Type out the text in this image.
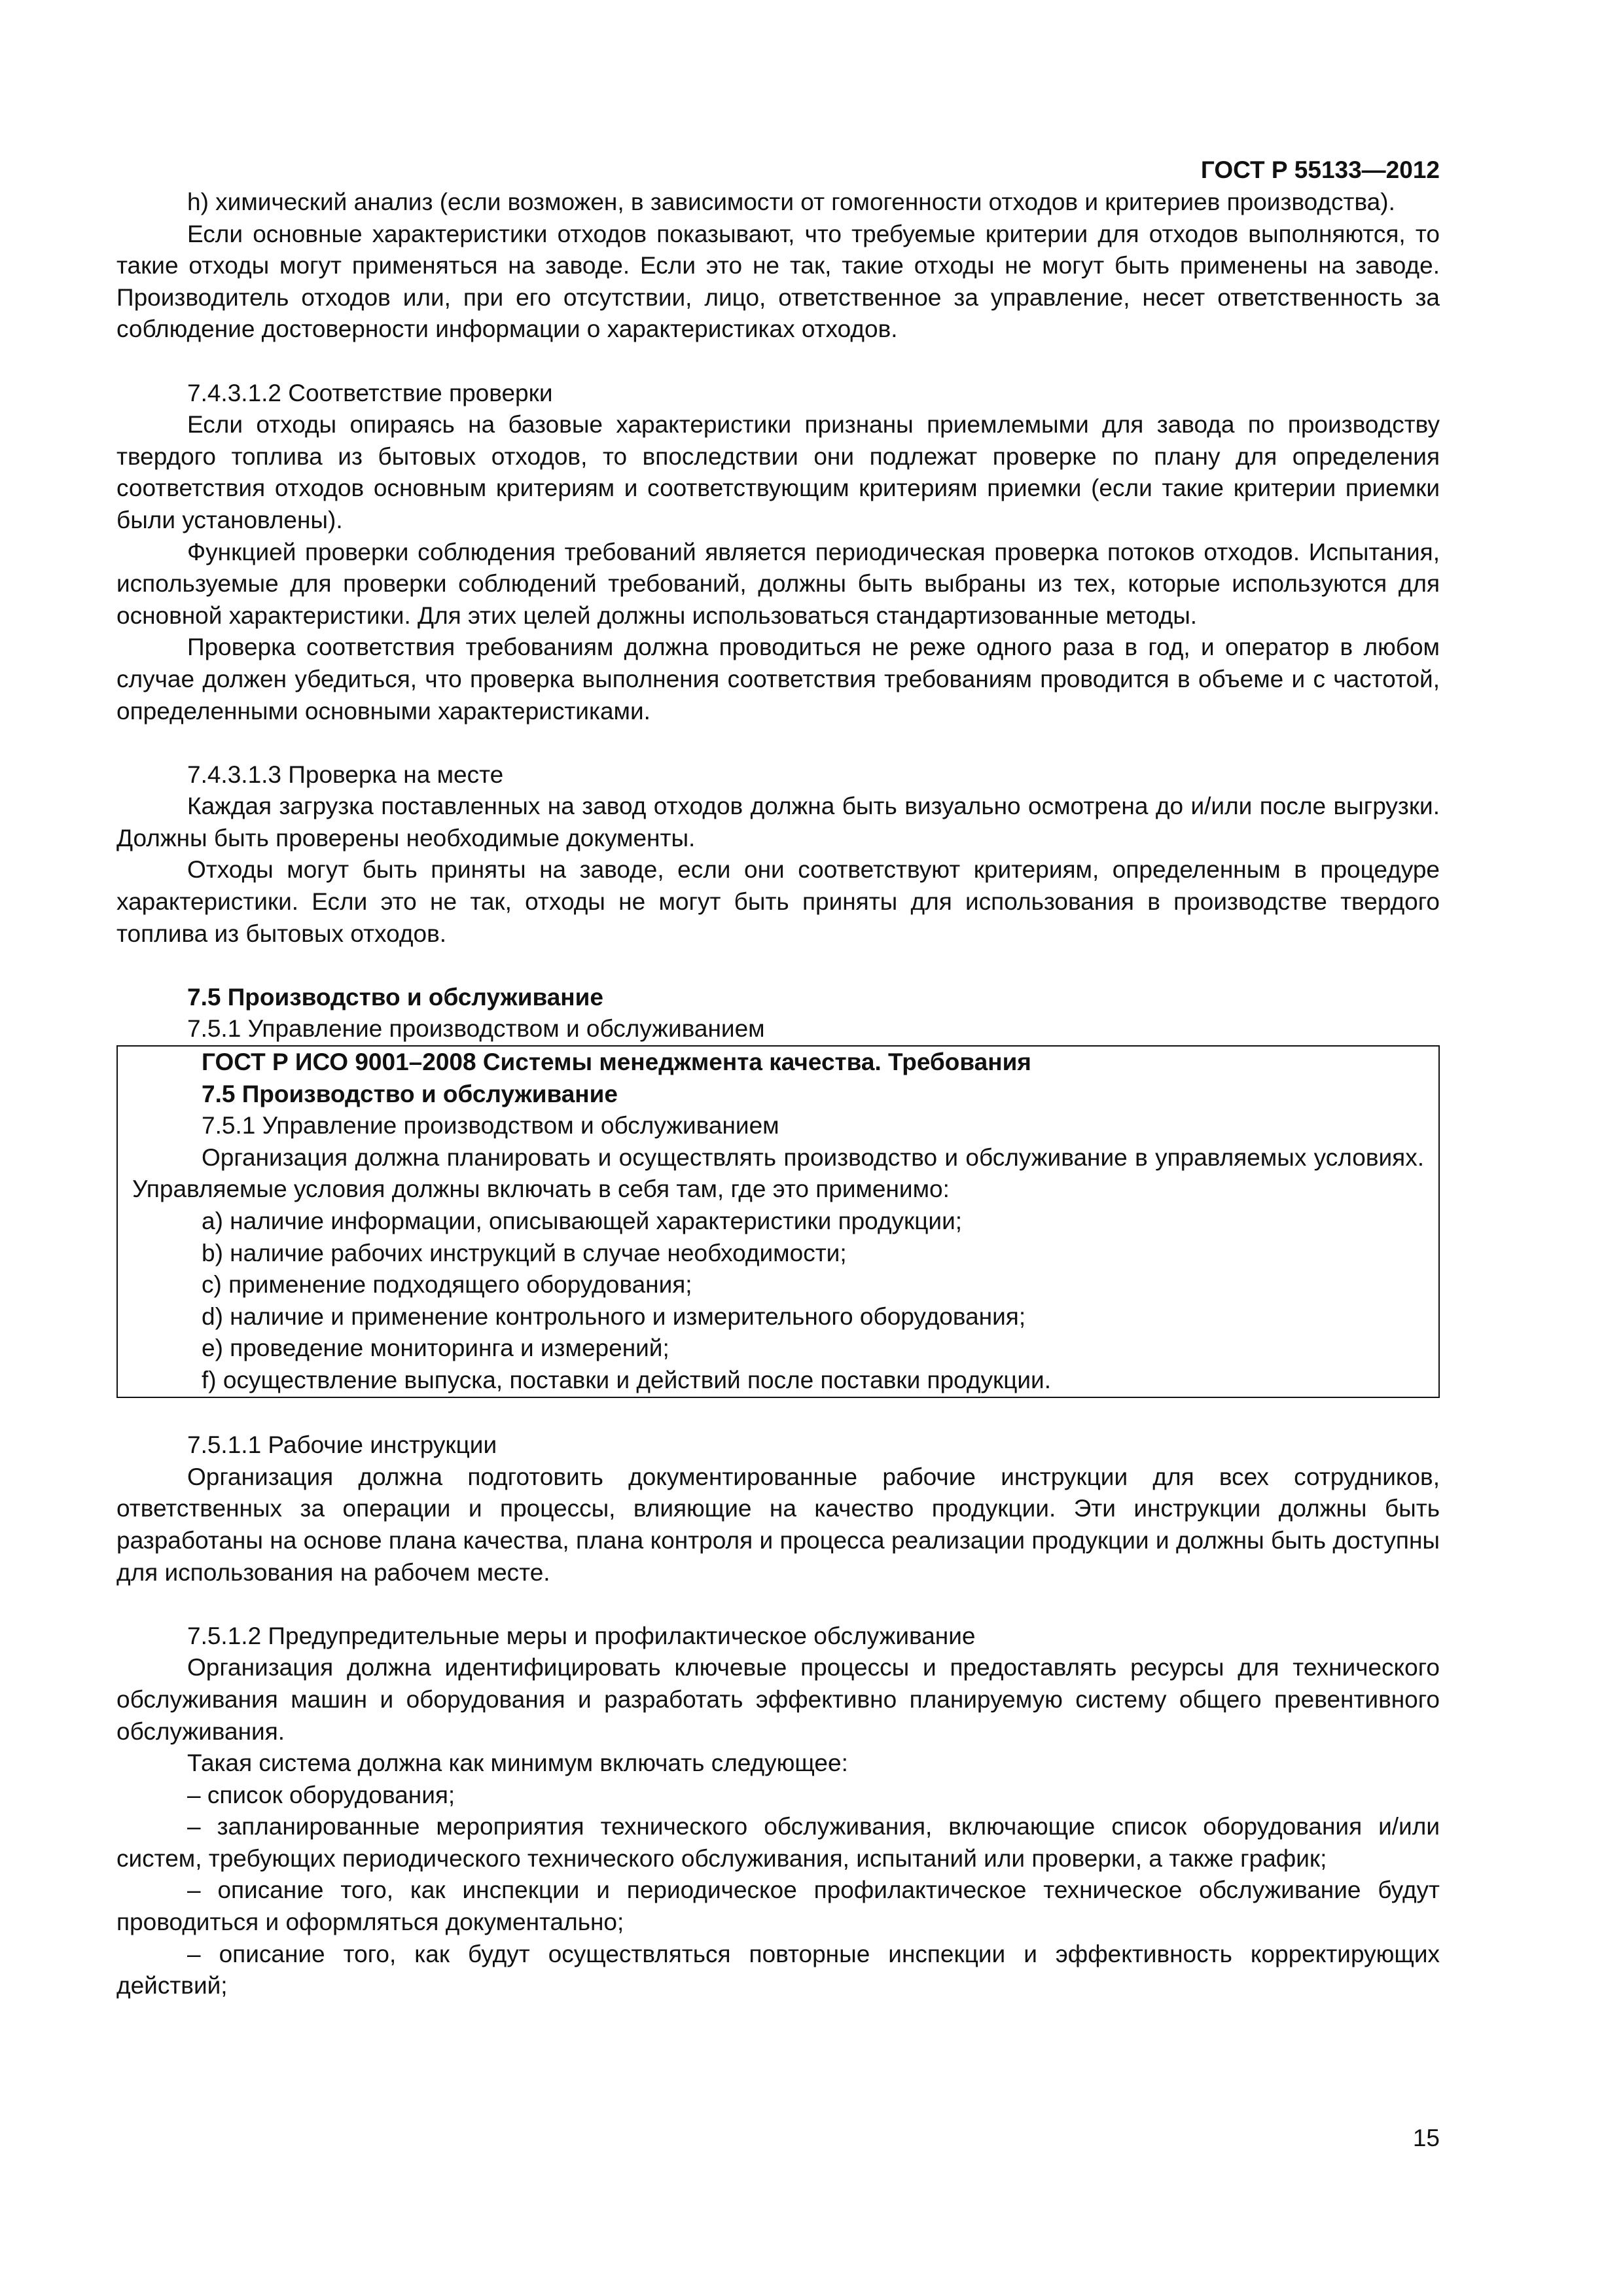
ГОСТ Р 55133—2012

h) химический анализ (если возможен, в зависимости от гомогенности отходов и критериев производства).

Если основные характеристики отходов показывают, что требуемые критерии для отходов выполняются, то такие отходы могут применяться на заводе. Если это не так, такие отходы не могут быть применены на заводе. Производитель отходов или, при его отсутствии, лицо, ответственное за управление, несет ответственность за соблюдение достоверности информации о характеристиках отходов.

7.4.3.1.2 Соответствие проверки

Если отходы опираясь на базовые характеристики признаны приемлемыми для завода по производству твердого топлива из бытовых отходов, то впоследствии они подлежат проверке по плану для определения соответствия отходов основным критериям и соответствующим критериям приемки (если такие критерии приемки были установлены).

Функцией проверки соблюдения требований является периодическая проверка потоков отходов. Испытания, используемые для проверки соблюдений требований, должны быть выбраны из тех, которые используются для основной характеристики. Для этих целей должны использоваться стандартизованные методы.

Проверка соответствия требованиям должна проводиться не реже одного раза в год, и оператор в любом случае должен убедиться, что проверка выполнения соответствия требованиям проводится в объеме и с частотой, определенными основными характеристиками.

7.4.3.1.3 Проверка на месте

Каждая загрузка поставленных на завод отходов должна быть визуально осмотрена до и/или после выгрузки. Должны быть проверены необходимые документы.

Отходы могут быть приняты на заводе, если они соответствуют критериям, определенным в процедуре характеристики. Если это не так, отходы не могут быть приняты для использования в производстве твердого топлива из бытовых отходов.

7.5 Производство и обслуживание

7.5.1 Управление производством и обслуживанием

ГОСТ Р ИСО 9001–2008 Системы менеджмента качества. Требования

7.5 Производство и обслуживание

7.5.1 Управление производством и обслуживанием

Организация должна планировать и осуществлять производство и обслуживание в управляемых условиях. Управляемые условия должны включать в себя там, где это применимо:

a) наличие информации, описывающей характеристики продукции;

b) наличие рабочих инструкций в случае необходимости;

c) применение подходящего оборудования;

d) наличие и применение контрольного и измерительного оборудования;

e) проведение мониторинга и измерений;

f) осуществление выпуска, поставки и действий после поставки продукции.

7.5.1.1 Рабочие инструкции

Организация должна подготовить документированные рабочие инструкции для всех сотрудников, ответственных за операции и процессы, влияющие на качество продукции. Эти инструкции должны быть разработаны на основе плана качества, плана контроля и процесса реализации продукции и должны быть доступны для использования на рабочем месте.

7.5.1.2 Предупредительные меры и профилактическое обслуживание

Организация должна идентифицировать ключевые процессы и предоставлять ресурсы для технического обслуживания машин и оборудования и разработать эффективно планируемую систему общего превентивного обслуживания.

Такая система должна как минимум включать следующее:

– список оборудования;

– запланированные мероприятия технического обслуживания, включающие список оборудования и/или систем, требующих периодического технического обслуживания, испытаний или проверки, а также график;

– описание того, как инспекции и периодическое профилактическое техническое обслуживание будут проводиться и оформляться документально;

– описание того, как будут осуществляться повторные инспекции и эффективность корректирующих действий;

15
